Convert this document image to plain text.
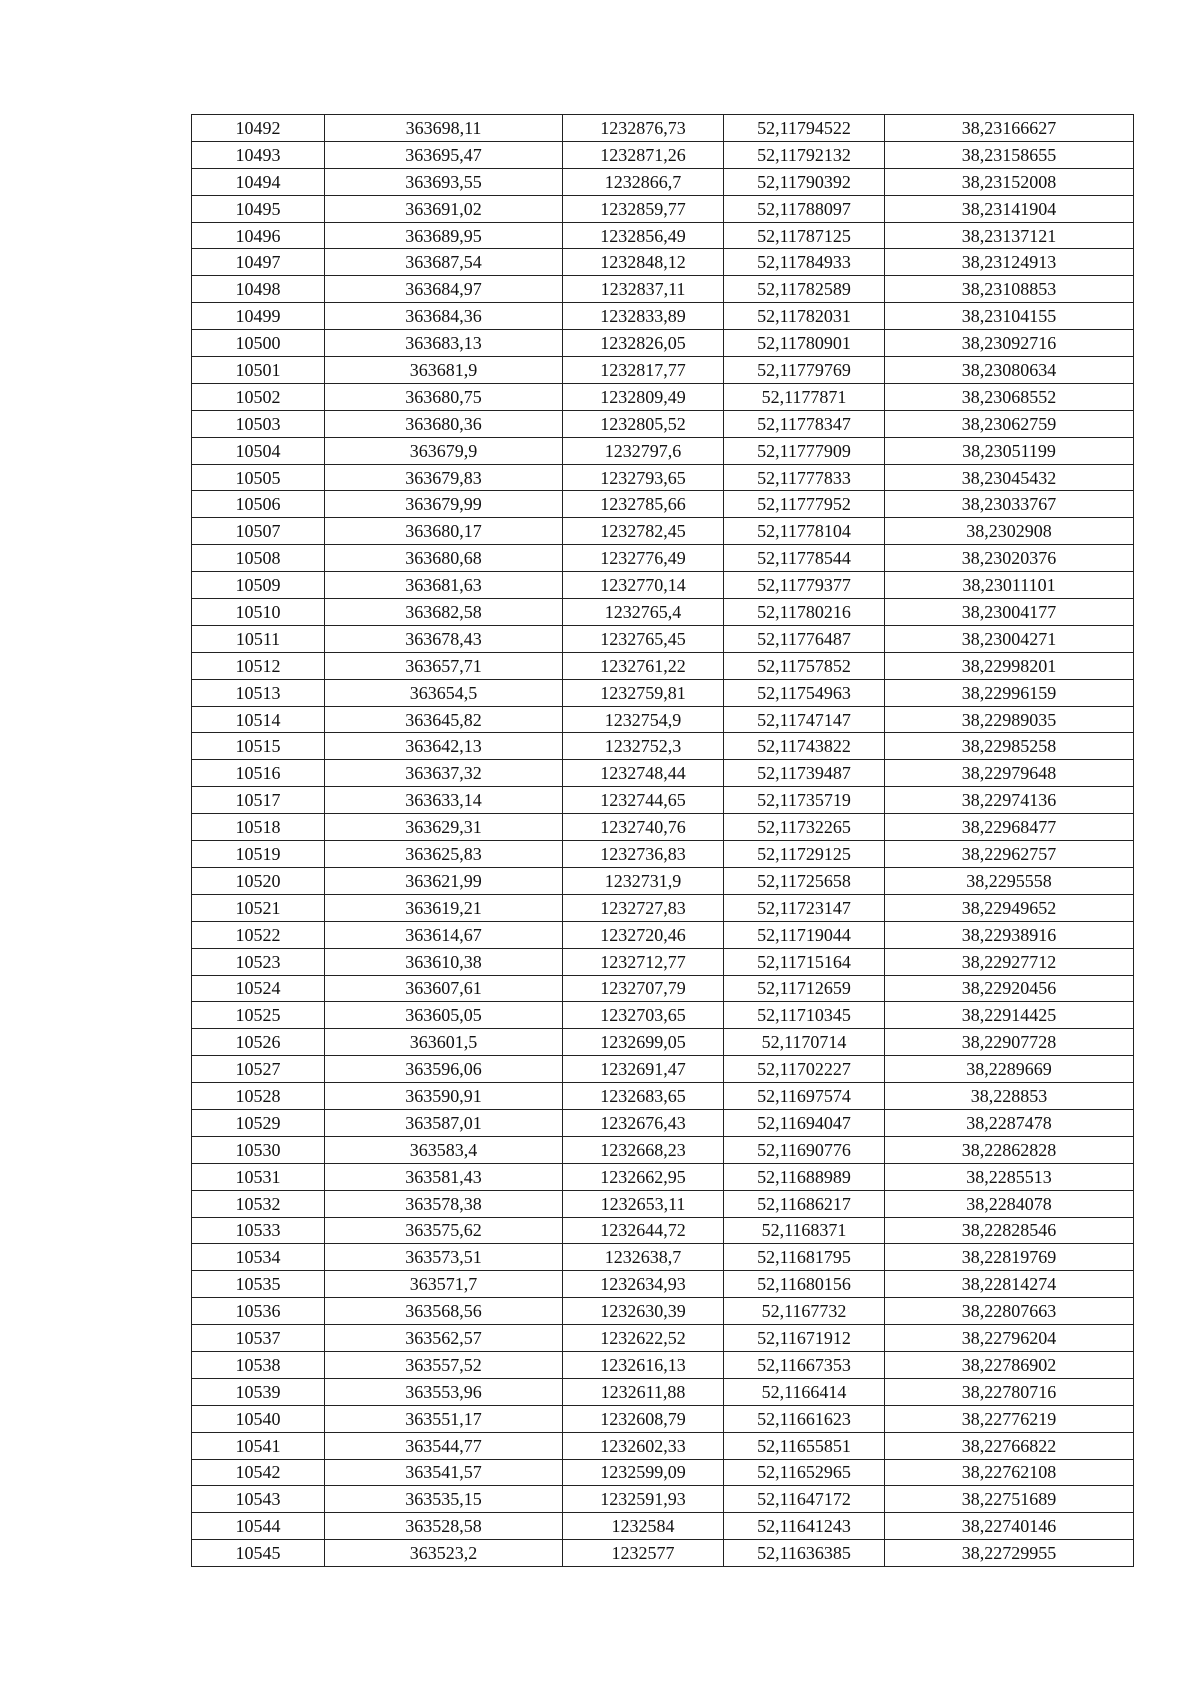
10492	363698,11	1232876,73	52,11794522	38,23166627
10493	363695,47	1232871,26	52,11792132	38,23158655
10494	363693,55	1232866,7	52,11790392	38,23152008
10495	363691,02	1232859,77	52,11788097	38,23141904
10496	363689,95	1232856,49	52,11787125	38,23137121
10497	363687,54	1232848,12	52,11784933	38,23124913
10498	363684,97	1232837,11	52,11782589	38,23108853
10499	363684,36	1232833,89	52,11782031	38,23104155
10500	363683,13	1232826,05	52,11780901	38,23092716
10501	363681,9	1232817,77	52,11779769	38,23080634
10502	363680,75	1232809,49	52,1177871	38,23068552
10503	363680,36	1232805,52	52,11778347	38,23062759
10504	363679,9	1232797,6	52,11777909	38,23051199
10505	363679,83	1232793,65	52,11777833	38,23045432
10506	363679,99	1232785,66	52,11777952	38,23033767
10507	363680,17	1232782,45	52,11778104	38,2302908
10508	363680,68	1232776,49	52,11778544	38,23020376
10509	363681,63	1232770,14	52,11779377	38,23011101
10510	363682,58	1232765,4	52,11780216	38,23004177
10511	363678,43	1232765,45	52,11776487	38,23004271
10512	363657,71	1232761,22	52,11757852	38,22998201
10513	363654,5	1232759,81	52,11754963	38,22996159
10514	363645,82	1232754,9	52,11747147	38,22989035
10515	363642,13	1232752,3	52,11743822	38,22985258
10516	363637,32	1232748,44	52,11739487	38,22979648
10517	363633,14	1232744,65	52,11735719	38,22974136
10518	363629,31	1232740,76	52,11732265	38,22968477
10519	363625,83	1232736,83	52,11729125	38,22962757
10520	363621,99	1232731,9	52,11725658	38,2295558
10521	363619,21	1232727,83	52,11723147	38,22949652
10522	363614,67	1232720,46	52,11719044	38,22938916
10523	363610,38	1232712,77	52,11715164	38,22927712
10524	363607,61	1232707,79	52,11712659	38,22920456
10525	363605,05	1232703,65	52,11710345	38,22914425
10526	363601,5	1232699,05	52,1170714	38,22907728
10527	363596,06	1232691,47	52,11702227	38,2289669
10528	363590,91	1232683,65	52,11697574	38,228853
10529	363587,01	1232676,43	52,11694047	38,2287478
10530	363583,4	1232668,23	52,11690776	38,22862828
10531	363581,43	1232662,95	52,11688989	38,2285513
10532	363578,38	1232653,11	52,11686217	38,2284078
10533	363575,62	1232644,72	52,1168371	38,22828546
10534	363573,51	1232638,7	52,11681795	38,22819769
10535	363571,7	1232634,93	52,11680156	38,22814274
10536	363568,56	1232630,39	52,1167732	38,22807663
10537	363562,57	1232622,52	52,11671912	38,22796204
10538	363557,52	1232616,13	52,11667353	38,22786902
10539	363553,96	1232611,88	52,1166414	38,22780716
10540	363551,17	1232608,79	52,11661623	38,22776219
10541	363544,77	1232602,33	52,11655851	38,22766822
10542	363541,57	1232599,09	52,11652965	38,22762108
10543	363535,15	1232591,93	52,11647172	38,22751689
10544	363528,58	1232584	52,11641243	38,22740146
10545	363523,2	1232577	52,11636385	38,22729955
